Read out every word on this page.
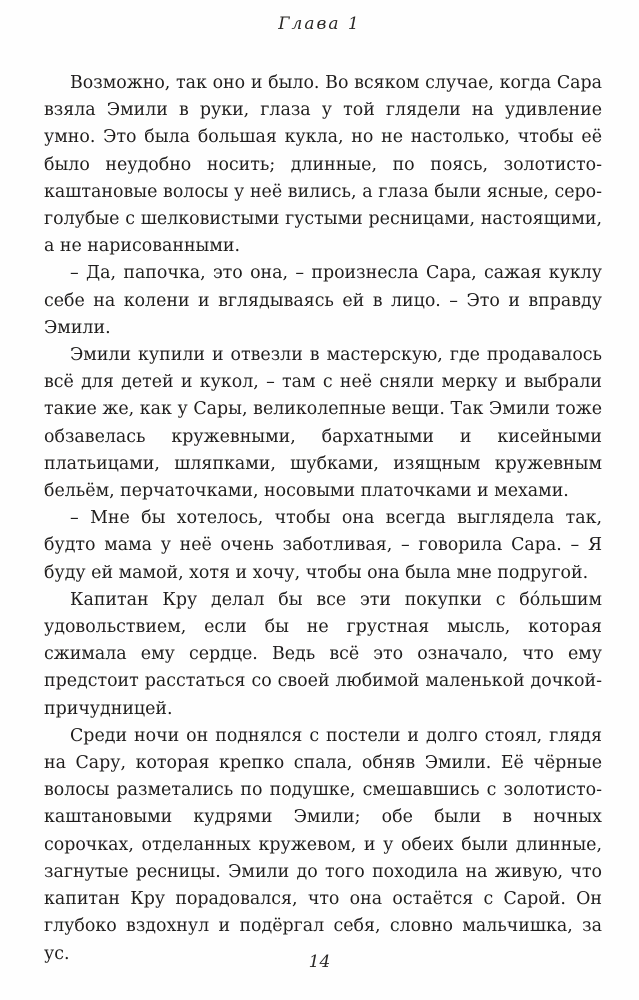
Глава 1

Возможно, так оно и было. Во всяком случае, когда Сара взяла Эмили в руки, глаза у той глядели на удивление умно. Это была большая кукла, но не настолько, чтобы её было неудобно носить; длинные, по поясь, золотисто-каштановые волосы у неё вились, а глаза были ясные, серо-голубые с шелковистыми густыми ресницами, настоящими, а не нарисованными.

– Да, папочка, это она, – произнесла Сара, сажая куклу себе на колени и вглядываясь ей в лицо. – Это и вправду Эмили.

Эмили купили и отвезли в мастерскую, где продавалось всё для детей и кукол, – там с неё сняли мерку и выбрали такие же, как у Сары, великолепные вещи. Так Эмили тоже обзавелась кружевными, бархатными и кисейными платьицами, шляпками, шубками, изящным кружевным бельём, перчаточками, носовыми платочками и мехами.

– Мне бы хотелось, чтобы она всегда выглядела так, будто мама у неё очень заботливая, – говорила Сара. – Я буду ей мамой, хотя и хочу, чтобы она была мне подругой.

Капитан Кру делал бы все эти покупки с бо́льшим удовольствием, если бы не грустная мысль, которая сжимала ему сердце. Ведь всё это означало, что ему предстоит расстаться со своей любимой маленькой дочкой-причудницей.

Среди ночи он поднялся с постели и долго стоял, глядя на Сару, которая крепко спала, обняв Эмили. Её чёрные волосы разметались по подушке, смешавшись с золотисто-каштановыми кудрями Эмили; обе были в ночных сорочках, отделанных кружевом, и у обеих были длинные, загнутые ресницы. Эмили до того походила на живую, что капитан Кру порадовался, что она остаётся с Сарой. Он глубоко вздохнул и подёргал себя, словно мальчишка, за ус.	14
